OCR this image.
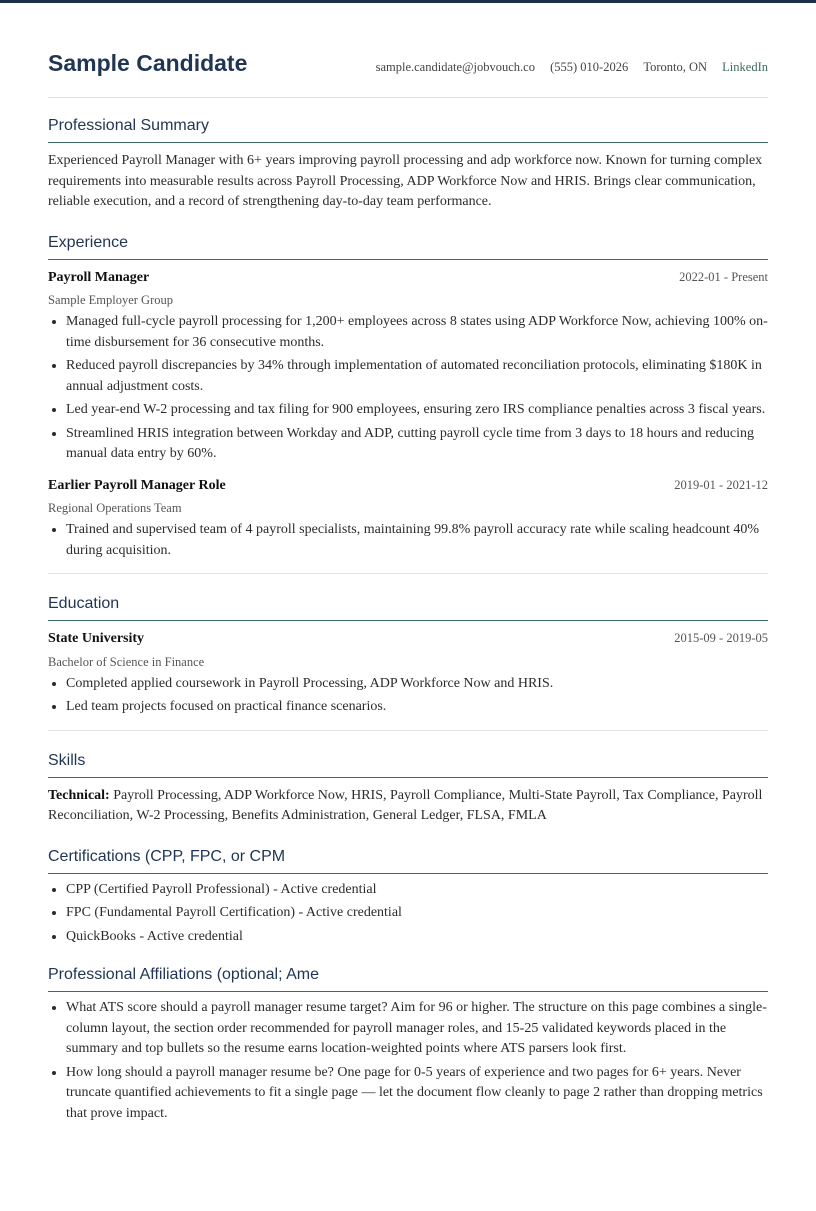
Sample Candidate	sample.candidate@jobvouch.co (555) 010-2026 Toronto, ON LinkedIn
Professional Summary

Experienced Payroll Manager with 6+ years improving payroll processing and adp workforce now. Known for turning complex requirements into measurable results across Payroll Processing, ADP Workforce Now and HRIS. Brings clear communication, reliable execution, and a record of strengthening day-to-day team performance.

Experience
Payroll Manager	2022-01 - Present
Sample Employer Group
• Managed full-cycle payroll processing for 1,200+ employees across 8 states using ADP Workforce Now, achieving 100% on-time disbursement for 36 consecutive months.
• Reduced payroll discrepancies by 34% through implementation of automated reconciliation protocols, eliminating $180K in annual adjustment costs.
• Led year-end W-2 processing and tax filing for 900 employees, ensuring zero IRS compliance penalties across 3 fiscal years.
• Streamlined HRIS integration between Workday and ADP, cutting payroll cycle time from 3 days to 18 hours and reducing manual data entry by 60%.
Earlier Payroll Manager Role	2019-01 - 2021-12
Regional Operations Team
• Trained and supervised team of 4 payroll specialists, maintaining 99.8% payroll accuracy rate while scaling headcount 40% during acquisition.
Education
State University	2015-09 - 2019-05
Bachelor of Science in Finance
• Completed applied coursework in Payroll Processing, ADP Workforce Now and HRIS.
• Led team projects focused on practical finance scenarios.
Skills

Technical: Payroll Processing, ADP Workforce Now, HRIS, Payroll Compliance, Multi-State Payroll, Tax Compliance, Payroll Reconciliation, W-2 Processing, Benefits Administration, General Ledger, FLSA, FMLA

Certifications (CPP, FPC, or CPM
• CPP (Certified Payroll Professional) - Active credential
• FPC (Fundamental Payroll Certification) - Active credential
• QuickBooks - Active credential
Professional Affiliations (optional; Ame
• What ATS score should a payroll manager resume target? Aim for 96 or higher. The structure on this page combines a single-column layout, the section order recommended for payroll manager roles, and 15-25 validated keywords placed in the summary and top bullets so the resume earns location-weighted points where ATS parsers look first.
• How long should a payroll manager resume be? One page for 0-5 years of experience and two pages for 6+ years. Never truncate quantified achievements to fit a single page — let the document flow cleanly to page 2 rather than dropping metrics that prove impact.
